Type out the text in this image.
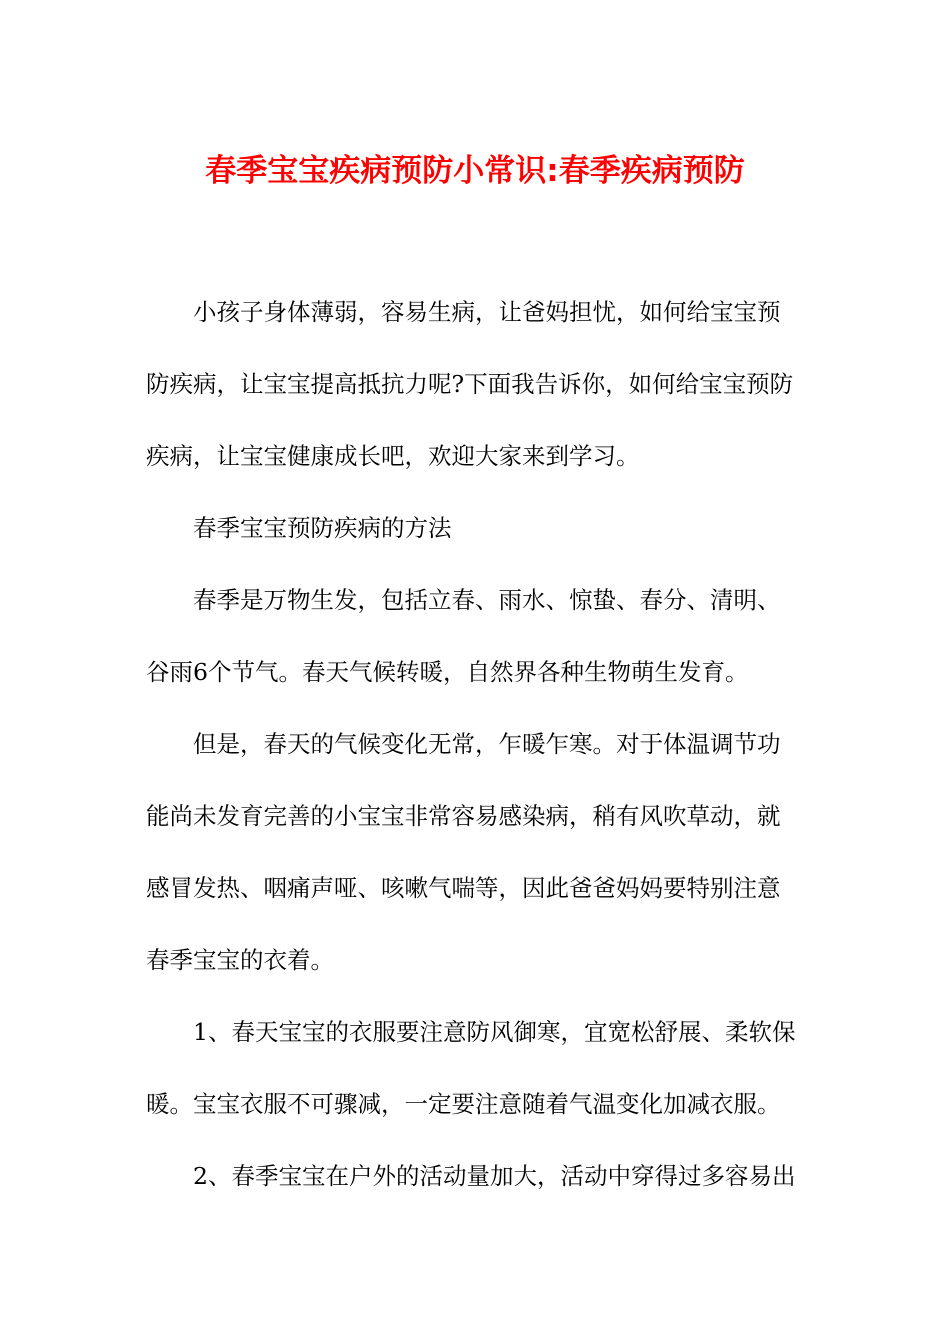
春季宝宝疾病预防小常识:春季疾病预防

小孩子身体薄弱，容易生病，让爸妈担忧，如何给宝宝预
防疾病，让宝宝提高抵抗力呢?下面我告诉你，如何给宝宝预防
疾病，让宝宝健康成长吧，欢迎大家来到学习。

春季宝宝预防疾病的方法

春季是万物生发，包括立春、雨水、惊蛰、春分、清明、
谷雨6个节气。春天气候转暖，自然界各种生物萌生发育。

但是，春天的气候变化无常，乍暖乍寒。对于体温调节功
能尚未发育完善的小宝宝非常容易感染病，稍有风吹草动，就
感冒发热、咽痛声哑、咳嗽气喘等，因此爸爸妈妈要特别注意
春季宝宝的衣着。

1、春天宝宝的衣服要注意防风御寒，宜宽松舒展、柔软保
暖。宝宝衣服不可骤减，一定要注意随着气温变化加减衣服。

2、春季宝宝在户外的活动量加大，活动中穿得过多容易出
